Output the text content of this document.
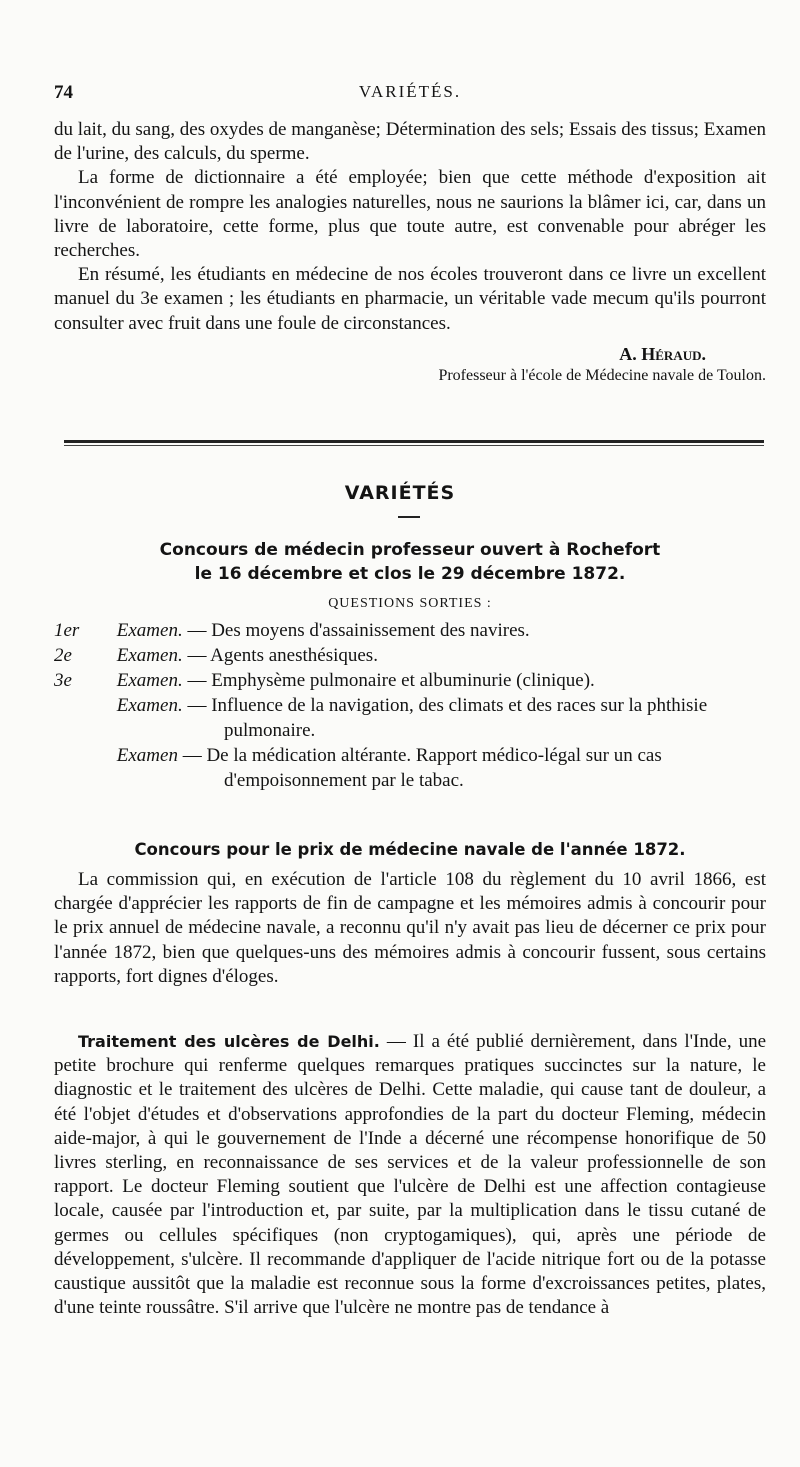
74	VARIÉTÉS.

du lait, du sang, des oxydes de manganèse; Détermination des sels; Essais des tissus; Examen de l'urine, des calculs, du sperme.

La forme de dictionnaire a été employée; bien que cette méthode d'exposition ait l'inconvénient de rompre les analogies naturelles, nous ne saurions la blâmer ici, car, dans un livre de laboratoire, cette forme, plus que toute autre, est convenable pour abréger les recherches.

En résumé, les étudiants en médecine de nos écoles trouveront dans ce livre un excellent manuel du 3e examen ; les étudiants en pharmacie, un véritable vade mecum qu'ils pourront consulter avec fruit dans une foule de circonstances.

A. Héraud.
Professeur à l'école de Médecine navale de Toulon.
VARIÉTÉS

Concours de médecin professeur ouvert à Rochefort

le 16 décembre et clos le 29 décembre 1872.

QUESTIONS SORTIES :

1er Examen. — Des moyens d'assainissement des navires.

2e Examen. — Agents anesthésiques.

3e Examen. — Emphysème pulmonaire et albuminurie (clinique).

Examen. — Influence de la navigation, des climats et des races sur la phthisie pulmonaire.

Examen — De la médication altérante. Rapport médico-légal sur un cas d'empoisonnement par le tabac.

Concours pour le prix de médecine navale de l'année 1872.

La commission qui, en exécution de l'article 108 du règlement du 10 avril 1866, est chargée d'apprécier les rapports de fin de campagne et les mémoires admis à concourir pour le prix annuel de médecine navale, a reconnu qu'il n'y avait pas lieu de décerner ce prix pour l'année 1872, bien que quelques-uns des mémoires admis à concourir fussent, sous certains rapports, fort dignes d'éloges.

Traitement des ulcères de Delhi. — Il a été publié dernièrement, dans l'Inde, une petite brochure qui renferme quelques remarques pratiques succinctes sur la nature, le diagnostic et le traitement des ulcères de Delhi. Cette maladie, qui cause tant de douleur, a été l'objet d'études et d'observations approfondies de la part du docteur Fleming, médecin aide-major, à qui le gouvernement de l'Inde a décerné une récompense honorifique de 50 livres sterling, en reconnaissance de ses services et de la valeur professionnelle de son rapport. Le docteur Fleming soutient que l'ulcère de Delhi est une affection contagieuse locale, causée par l'introduction et, par suite, par la multiplication dans le tissu cutané de germes ou cellules spécifiques (non cryptogamiques), qui, après une période de développement, s'ulcère. Il recommande d'appliquer de l'acide nitrique fort ou de la potasse caustique aussitôt que la maladie est reconnue sous la forme d'excroissances petites, plates, d'une teinte roussâtre. S'il arrive que l'ulcère ne montre pas de tendance à
